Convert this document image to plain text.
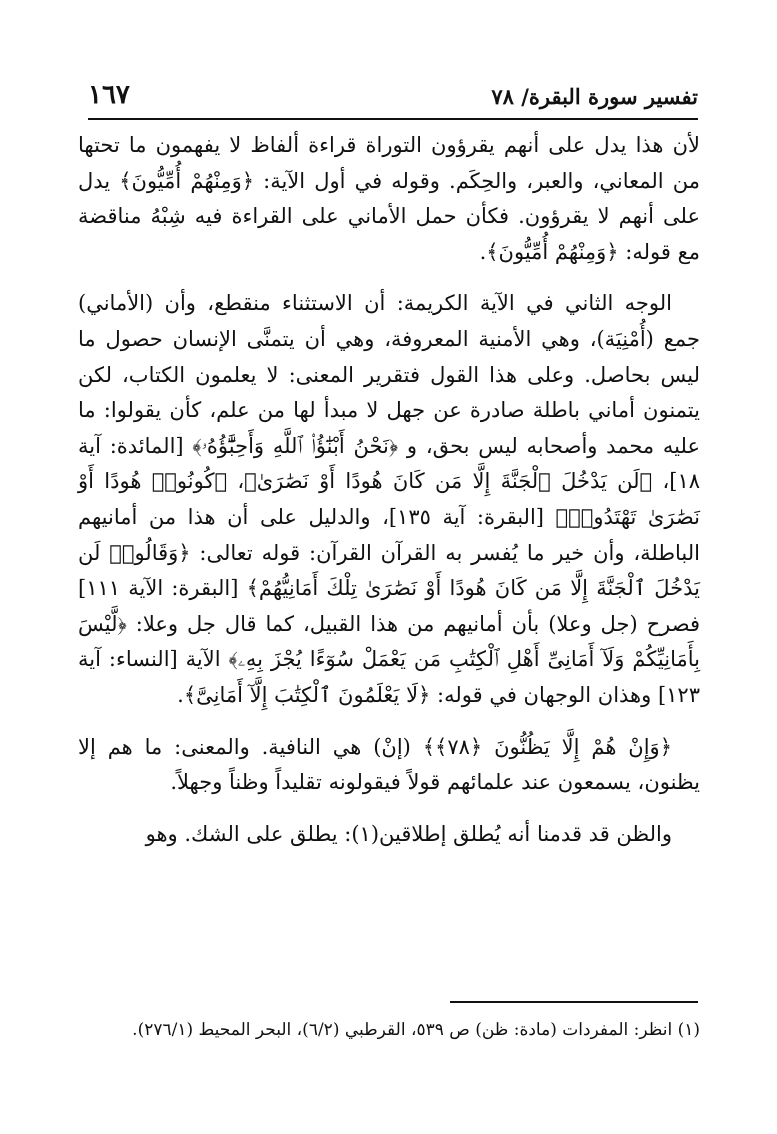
تفسير سورة البقرة/ ٧٨
١٦٧

لأن هذا يدل على أنهم يقرؤون التوراة قراءة ألفاظ لا يفهمون ما تحتها من المعاني، والعبر، والحِكَم. وقوله في أول الآية: ﴿وَمِنْهُمْ أُمِّيُّونَ﴾ يدل على أنهم لا يقرؤون. فكأن حمل الأماني على القراءة فيه شِبْهُ مناقضة مع قوله: ﴿وَمِنْهُمْ أُمِّيُّونَ﴾.

الوجه الثاني في الآية الكريمة: أن الاستثناء منقطع، وأن (الأماني) جمع (أُمْنِيَة)، وهي الأمنية المعروفة، وهي أن يتمنَّى الإنسان حصول ما ليس بحاصل. وعلى هذا القول فتقرير المعنى: لا يعلمون الكتاب، لكن يتمنون أماني باطلة صادرة عن جهل لا مبدأ لها من علم، كأن يقولوا: ما عليه محمد وأصحابه ليس بحق، و ﴿نَحْنُ أَبْنَٰٓؤُا۟ ٱللَّهِ وَأَحِبَّٰٓؤُهُۥ﴾ [المائدة: آية ١٨]، ﴿لَن يَدْخُلَ ٱلْجَنَّةَ إِلَّا مَن كَانَ هُودًا أَوْ نَصَٰرَىٰ﴾، ﴿كُونُوا۟ هُودًا أَوْ نَصَٰرَىٰ تَهْتَدُوا۟﴾ [البقرة: آية ١٣٥]، والدليل على أن هذا من أمانيهم الباطلة، وأن خير ما يُفسر به القرآن القرآن: قوله تعالى: ﴿وَقَالُوا۟ لَن يَدْخُلَ ٱلْجَنَّةَ إِلَّا مَن كَانَ هُودًا أَوْ نَصَٰرَىٰ تِلْكَ أَمَانِيُّهُمْ﴾ [البقرة: الآية ١١١] فصرح (جل وعلا) بأن أمانيهم من هذا القبيل، كما قال جل وعلا: ﴿لَّيْسَ بِأَمَانِيِّكُمْ وَلَآ أَمَانِىِّ أَهْلِ ٱلْكِتَٰبِ مَن يَعْمَلْ سُوٓءًا يُجْزَ بِهِۦ﴾ الآية [النساء: آية ١٢٣] وهذان الوجهان في قوله: ﴿لَا يَعْلَمُونَ ٱلْكِتَٰبَ إِلَّآ أَمَانِىَّ﴾.

﴿وَإِنْ هُمْ إِلَّا يَظُنُّونَ ﴿٧٨﴾﴾ (إنْ) هي النافية. والمعنى: ما هم إلا يظنون، يسمعون عند علمائهم قولاً فيقولونه تقليداً وظناً وجهلاً.

والظن قد قدمنا أنه يُطلق إطلاقين(١): يطلق على الشك. وهو

(١) انظر: المفردات (مادة: ظن) ص ٥٣٩، القرطبي (٦/٢)، البحر المحيط (٢٧٦/١).
